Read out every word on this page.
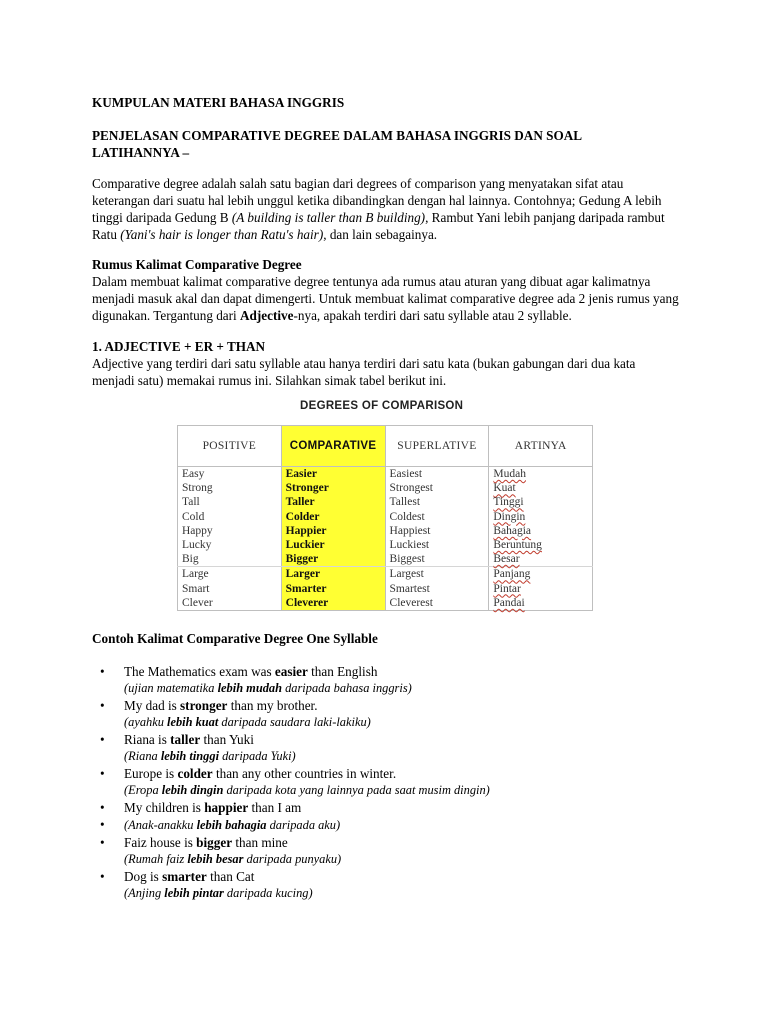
KUMPULAN MATERI BAHASA INGGRIS

PENJELASAN COMPARATIVE DEGREE DALAM BAHASA INGGRIS DAN SOAL LATIHANNYA –

Comparative degree adalah salah satu bagian dari degrees of comparison yang menyatakan sifat atau keterangan dari suatu hal lebih unggul ketika dibandingkan dengan hal lainnya. Contohnya; Gedung A lebih tinggi daripada Gedung B (A building is taller than B building), Rambut Yani lebih panjang daripada rambut Ratu (Yani's hair is longer than Ratu's hair), dan lain sebagainya.

Rumus Kalimat Comparative Degree

Dalam membuat kalimat comparative degree tentunya ada rumus atau aturan yang dibuat agar kalimatnya menjadi masuk akal dan dapat dimengerti. Untuk membuat kalimat comparative degree ada 2 jenis rumus yang digunakan. Tergantung dari Adjective-nya, apakah terdiri dari satu syllable atau 2 syllable.

1. ADJECTIVE + ER + THAN

Adjective yang terdiri dari satu syllable atau hanya terdiri dari satu kata (bukan gabungan dari dua kata menjadi satu) memakai rumus ini. Silahkan simak tabel berikut ini.

DEGREES OF COMPARISON
POSITIVE	COMPARATIVE	SUPERLATIVE	ARTINYA
Easy	Easier	Easiest	Mudah
Strong	Stronger	Strongest	Kuat
Tall	Taller	Tallest	Tinggi
Cold	Colder	Coldest	Dingin
Happy	Happier	Happiest	Bahagia
Lucky	Luckier	Luckiest	Beruntung
Big	Bigger	Biggest	Besar
Large	Larger	Largest	Panjang
Smart	Smarter	Smartest	Pintar
Clever	Cleverer	Cleverest	Pandai

Contoh Kalimat Comparative Degree One Syllable

• The Mathematics exam was easier than English
(ujian matematika lebih mudah daripada bahasa inggris)
• My dad is stronger than my brother.
(ayahku lebih kuat daripada saudara laki-lakiku)
• Riana is taller than Yuki
(Riana lebih tinggi daripada Yuki)
• Europe is colder than any other countries in winter.
(Eropa lebih dingin daripada kota yang lainnya pada saat musim dingin)
• My children is happier than I am
• (Anak-anakku lebih bahagia daripada aku)
• Faiz house is bigger than mine
(Rumah faiz lebih besar daripada punyaku)
• Dog is smarter than Cat
(Anjing lebih pintar daripada kucing)
